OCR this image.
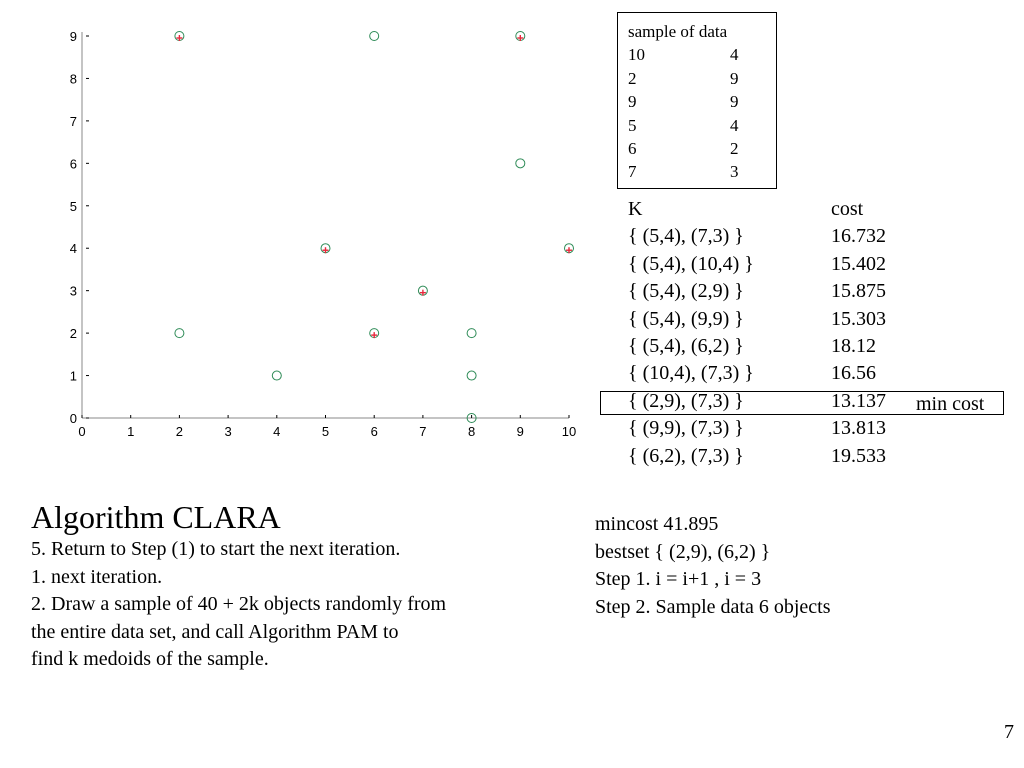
0	1	2	3	4	5	6	7	8	9	10
0
1
2
3
4
5
6
7
8
9	sample of data
10	4
2	9
9	9
5	4
6	2
7	3
K	cost
{ (5,4), (7,3) }	16.732
{ (5,4), (10,4) }	15.402
{ (5,4), (2,9) }	15.875
{ (5,4), (9,9) }	15.303
{ (5,4), (6,2) }	18.12
{ (10,4), (7,3) }	16.56
{ (2,9), (7,3) }	13.137
{ (9,9), (7,3) }	13.813
{ (6,2), (7,3) }	19.533
min cost
Algorithm CLARA
5. Return to Step (1) to start the next iteration.
1. next iteration.
2. Draw a sample of 40 + 2k objects randomly from
the entire data set, and call Algorithm PAM to
find k medoids of the sample.
mincost 41.895
bestset { (2,9), (6,2) }
Step 1. i = i+1 , i = 3
Step 2. Sample data 6 objects
7
